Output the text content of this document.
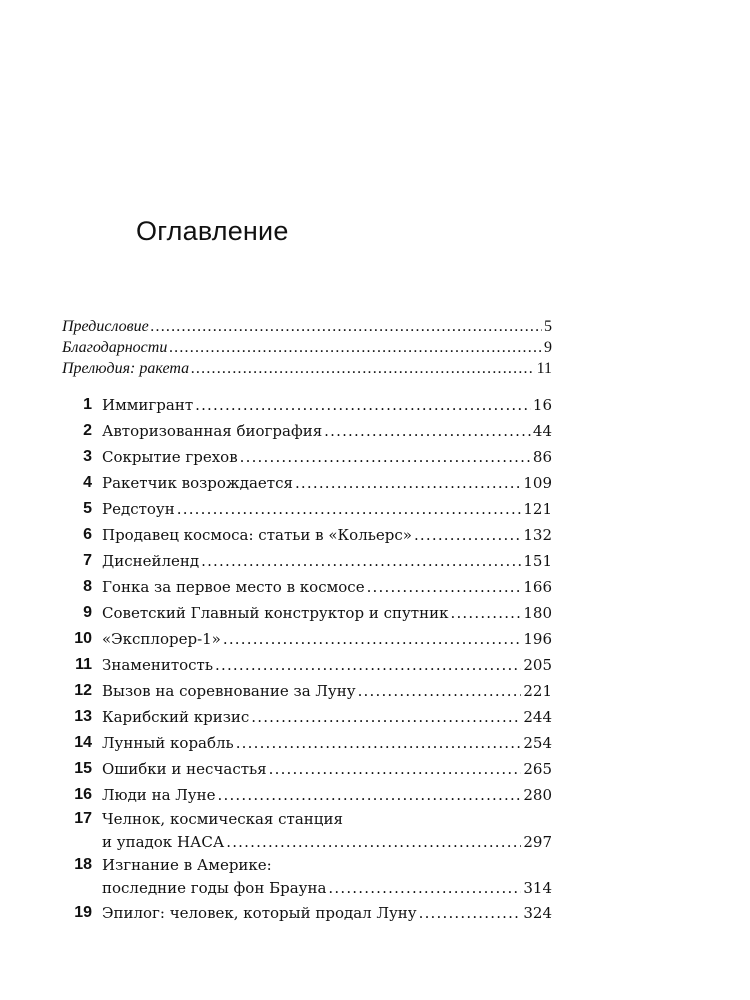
Оглавление
Предисловие .....	5
Благодарности .....	9
Прелюдия: ракета .....	11
1 Иммигрант .....	16
2 Авторизованная биография .....	44
3 Сокрытие грехов .....	86
4 Ракетчик возрождается .....	109
5 Редстоун .....	121
6 Продавец космоса: статьи в «Кольерс» .....	132
7 Диснейленд .....	151
8 Гонка за первое место в космосе .....	166
9 Советский Главный конструктор и спутник .....	180
10 «Эксплорер-1» .....	196
11 Знаменитость .....	205
12 Вызов на соревнование за Луну .....	221
13 Карибский кризис .....	244
14 Лунный корабль .....	254
15 Ошибки и несчастья .....	265
16 Люди на Луне .....	280
17 Челнок, космическая станция
и упадок НАСА .....	297
18 Изгнание в Америке:
последние годы фон Брауна .....	314
19 Эпилог: человек, который продал Луну .....	324
